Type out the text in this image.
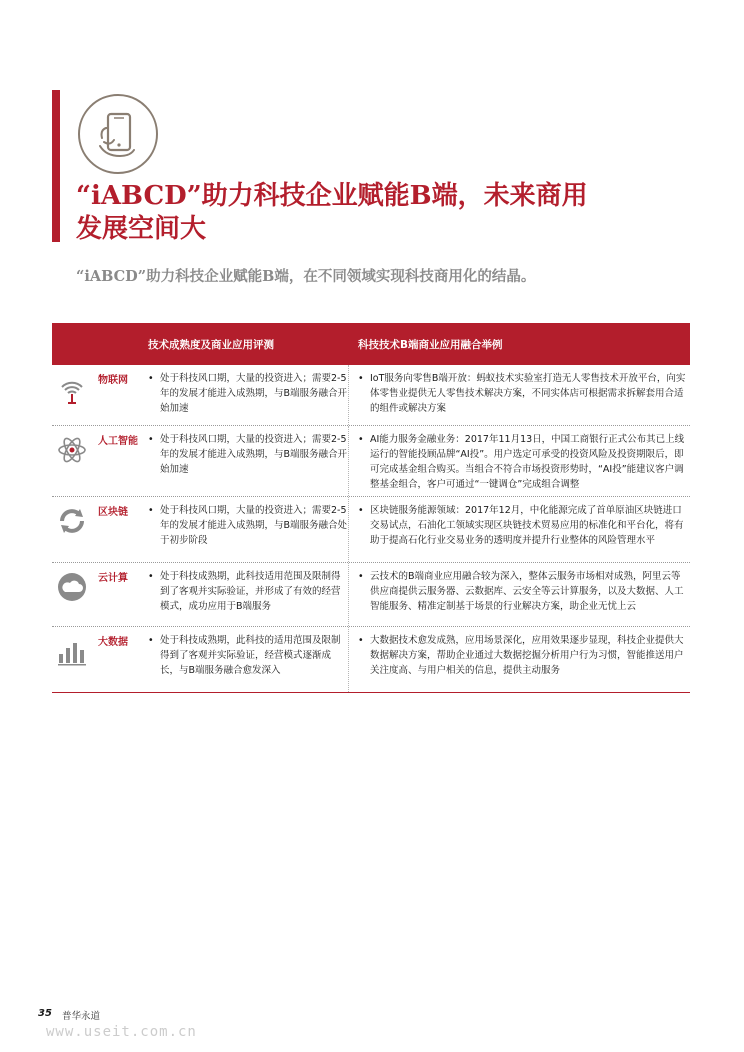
“iABCD”助力科技企业赋能B端，未来商用
发展空间大

“iABCD”助力科技企业赋能B端，在不同领域实现科技商用化的结晶。

技术成熟度及商业应用评测	科技技术B端商业应用融合举例
物联网 • 处于科技风口期，大量的投资进入；需要2-5年的发展才能进入成熟期，与B端服务融合开始加速
• IoT服务向零售B端开放：蚂蚁技术实验室打造无人零售技术开放平台，向实体零售业提供无人零售技术解决方案，不同实体店可根据需求拆解套用合适的组件或解决方案
人工智能 • 处于科技风口期，大量的投资进入；需要2-5年的发展才能进入成熟期，与B端服务融合开始加速
• AI能力服务金融业务：2017年11月13日，中国工商银行正式公布其已上线运行的智能投顾品牌“AI投”。用户选定可承受的投资风险及投资期限后，即可完成基金组合购买。当组合不符合市场投资形势时，“AI投”能建议客户调整基金组合，客户可通过“一键调仓”完成组合调整
区块链 • 处于科技风口期，大量的投资进入；需要2-5年的发展才能进入成熟期，与B端服务融合处于初步阶段
• 区块链服务能源领域：2017年12月，中化能源完成了首单原油区块链进口交易试点，石油化工领域实现区块链技术贸易应用的标准化和平台化，将有助于提高石化行业交易业务的透明度并提升行业整体的风险管理水平
云计算 • 处于科技成熟期，此科技适用范围及限制得到了客观并实际验证，并形成了有效的经营模式，成功应用于B端服务
• 云技术的B端商业应用融合较为深入，整体云服务市场相对成熟，阿里云等供应商提供云服务器、云数据库、云安全等云计算服务，以及大数据、人工智能服务、精准定制基于场景的行业解决方案，助企业无忧上云
大数据 • 处于科技成熟期，此科技的适用范围及限制得到了客观并实际验证，经营模式逐渐成长，与B端服务融合愈发深入
• 大数据技术愈发成熟，应用场景深化，应用效果逐步显现，科技企业提供大数据解决方案，帮助企业通过大数据挖掘分析用户行为习惯，智能推送用户关注度高、与用户相关的信息，提供主动服务
35 普华永道
www.useit.com.cn
